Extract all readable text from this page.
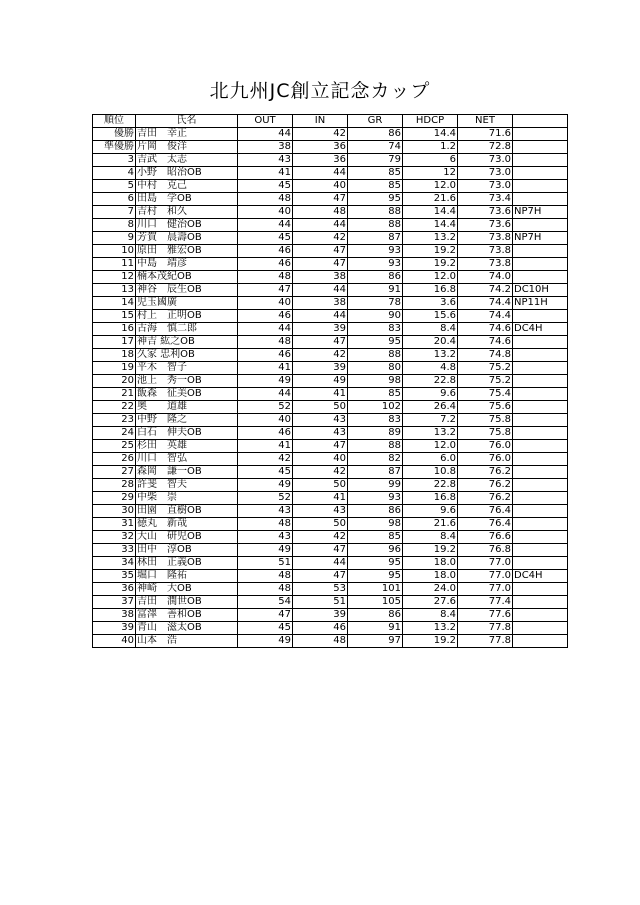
北九州JC創立記念カップ
順位	氏名	OUT	IN	GR	HDCP	NET	
優勝	吉田　幸正	44	42	86	14.4	71.6	
準優勝	片岡　俊洋	38	36	74	1.2	72.8	
3	吉武　太志	43	36	79	6	73.0	
4	小野　昭治OB	41	44	85	12	73.0	
5	中村　克己	45	40	85	12.0	73.0	
6	田島　学OB	48	47	95	21.6	73.4	
7	吉村　和久	40	48	88	14.4	73.6	NP7H
8	川口　健治OB	44	44	88	14.4	73.6	
9	芳賀　晨壽OB	45	42	87	13.2	73.8	NP7H
10	原田　雅宏OB	46	47	93	19.2	73.8	
11	中島　靖彦	46	47	93	19.2	73.8	
12	楠本茂紀OB	48	38	86	12.0	74.0	
13	神谷　辰生OB	47	44	91	16.8	74.2	DC10H
14	児玉國廣	40	38	78	3.6	74.4	NP11H
15	村上　正明OB	46	44	90	15.6	74.4	
16	古海　慎二郎	44	39	83	8.4	74.6	DC4H
17	神吉 紘之OB	48	47	95	20.4	74.6	
18	久家 忠利OB	46	42	88	13.2	74.8	
19	平木　智子	41	39	80	4.8	75.2	
20	池上　秀一OB	49	49	98	22.8	75.2	
21	飯森　征美OB	44	41	85	9.6	75.4	
22	奥　　道雄	52	50	102	26.4	75.6	
23	中野　隆之	40	43	83	7.2	75.8	
24	白石　伸夫OB	46	43	89	13.2	75.8	
25	杉田　英雄	41	47	88	12.0	76.0	
26	川口　智弘	42	40	82	6.0	76.0	
27	森岡　謙一OB	45	42	87	10.8	76.2	
28	許斐　智夫	49	50	99	22.8	76.2	
29	中柴　崇	52	41	93	16.8	76.2	
30	田園　直樹OB	43	43	86	9.6	76.4	
31	徳丸　新哉	48	50	98	21.6	76.4	
32	大山　研児OB	43	42	85	8.4	76.6	
33	田中　淳OB	49	47	96	19.2	76.8	
34	林田　正義OB	51	44	95	18.0	77.0	
35	堀口　隆祐	48	47	95	18.0	77.0	DC4H
36	神崎　大OB	48	53	101	24.0	77.0	
37	吉田　潤世OB	54	51	105	27.6	77.4	
38	富澤　善和OB	47	39	86	8.4	77.6	
39	青山　滋太OB	45	46	91	13.2	77.8	
40	山本　浩	49	48	97	19.2	77.8	
